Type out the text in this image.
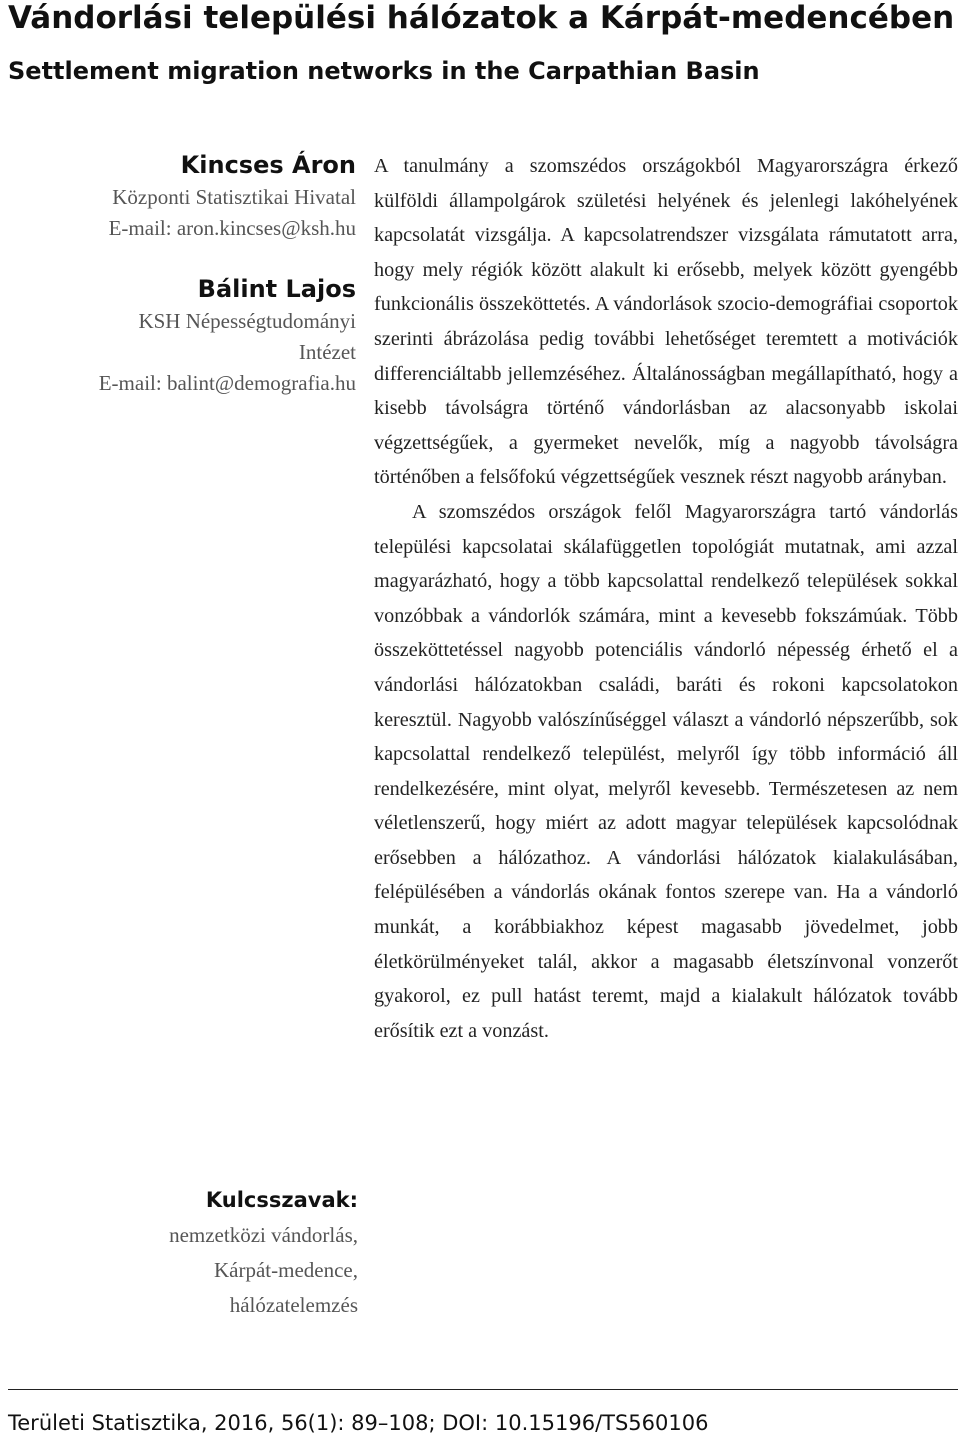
Vándorlási települési hálózatok a Kárpát-medencében
Settlement migration networks in the Carpathian Basin
Kincses Áron
Központi Statisztikai Hivatal
E-mail: aron.kincses@ksh.hu
Bálint Lajos
KSH Népességtudományi
Intézet
E-mail: balint@demografia.hu
Kulcsszavak:
nemzetközi vándorlás,
Kárpát-medence,
hálózatelemzés

A tanulmány a szomszédos országokból Magyarországra érkező külföldi állampolgárok születési helyének és jelenlegi lakóhelyének kapcsolatát vizsgálja. A kapcsolatrendszer vizsgálata rámutatott arra, hogy mely régiók között alakult ki erősebb, melyek között gyengébb funkcionális összeköttetés. A vándorlások szocio-demográfiai csoportok szerinti ábrázolása pedig további lehetőséget teremtett a motivációk differenciáltabb jellemzéséhez. Általánosságban megállapítható, hogy a kisebb távolságra történő vándorlásban az alacsonyabb iskolai végzettségűek, a gyermeket nevelők, míg a nagyobb távolságra történőben a felsőfokú végzettségűek vesznek részt nagyobb arányban.

A szomszédos országok felől Magyarországra tartó vándorlás települési kapcsolatai skálafüggetlen topológiát mutatnak, ami azzal magyarázható, hogy a több kapcsolattal rendelkező települések sokkal vonzóbbak a vándorlók számára, mint a kevesebb fokszámúak. Több összeköttetéssel nagyobb potenciális vándorló népesség érhető el a vándorlási hálózatokban családi, baráti és rokoni kapcsolatokon keresztül. Nagyobb valószínűséggel választ a vándorló népszerűbb, sok kapcsolattal rendelkező települést, melyről így több információ áll rendelkezésére, mint olyat, melyről kevesebb. Természetesen az nem véletlenszerű, hogy miért az adott magyar települések kapcsolódnak erősebben a hálózathoz. A vándorlási hálózatok kialakulásában, felépülésében a vándorlás okának fontos szerepe van. Ha a vándorló munkát, a korábbiakhoz képest magasabb jövedelmet, jobb életkörülményeket talál, akkor a magasabb életszínvonal vonzerőt gyakorol, ez pull hatást teremt, majd a kialakult hálózatok tovább erősítik ezt a vonzást.

Területi Statisztika, 2016, 56(1): 89–108; DOI: 10.15196/TS560106
